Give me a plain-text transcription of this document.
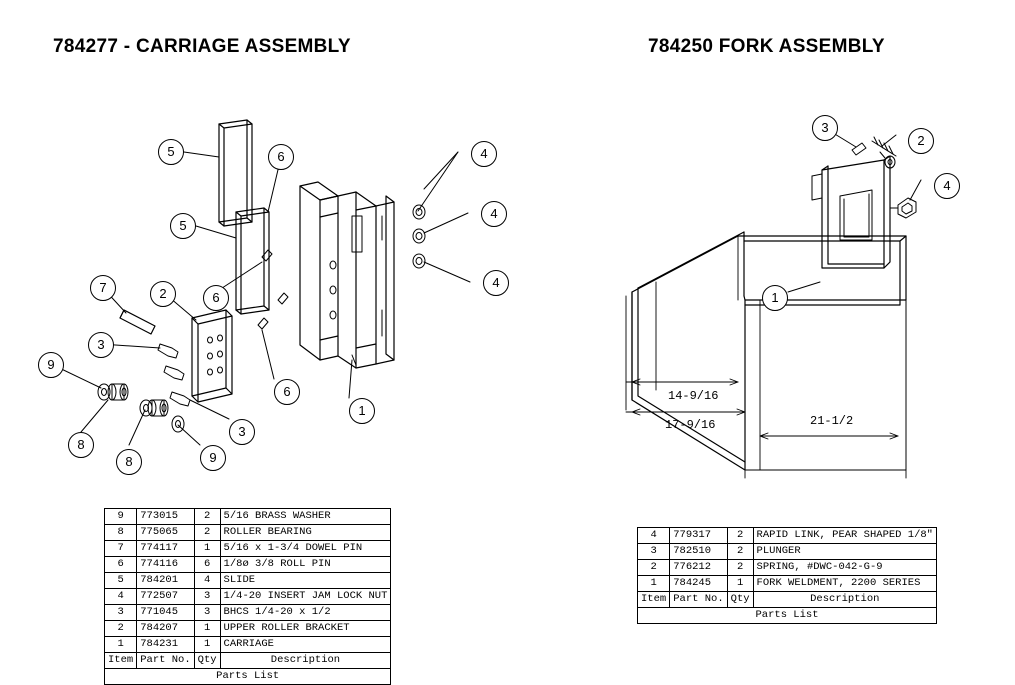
784277 - CARRIAGE ASSEMBLY	784250 FORK ASSEMBLY
5	6	4
5
4
7	2	6
4
3
6
9
1
3
8
8	9
3
2
4
1
14-9/16
17-9/16	21-1/2
9	773015	2	5/16 BRASS WASHER
8	775065	2	ROLLER BEARING
7	774117	1	5/16 x 1-3/4 DOWEL PIN
6	774116	6	1/8ø 3/8 ROLL PIN
5	784201	4	SLIDE
4	772507	3	1/4-20 INSERT JAM LOCK NUT
3	771045	3	BHCS 1/4-20 x 1/2
2	784207	1	UPPER ROLLER BRACKET
1	784231	1	CARRIAGE
Item	Part No.	Qty	Description
Parts List			
4	779317	2	RAPID LINK, PEAR SHAPED 1/8"
3	782510	2	PLUNGER
2	776212	2	SPRING, #DWC-042-G-9
1	784245	1	FORK WELDMENT, 2200 SERIES
Item	Part No.	Qty	Description
Parts List			
